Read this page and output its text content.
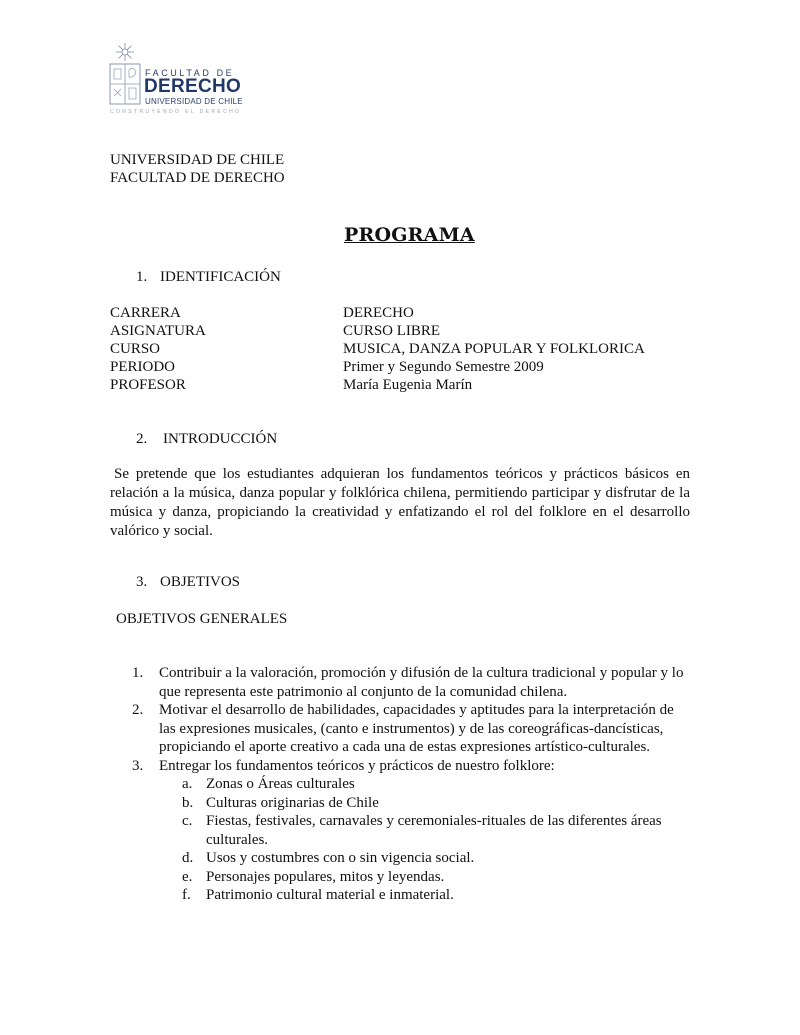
FACULTAD DE
DERECHO
UNIVERSIDAD DE CHILE
CONSTRUYENDO EL DERECHO
UNIVERSIDAD DE CHILE
FACULTAD DE DERECHO
PROGRAMA
1. IDENTIFICACIÓN
CARRERA	DERECHO
ASIGNATURA	CURSO LIBRE
CURSO	MUSICA, DANZA POPULAR Y FOLKLORICA
PERIODO	Primer y Segundo Semestre 2009
PROFESOR	María Eugenia Marín
2. INTRODUCCIÓN
Se pretende que los estudiantes adquieran los fundamentos teóricos y prácticos básicos en relación a la música, danza popular y folklórica chilena, permitiendo participar y disfrutar de la música y danza, propiciando la creatividad y enfatizando el rol del folklore en el desarrollo valórico y social.
3. OBJETIVOS
OBJETIVOS GENERALES
1. Contribuir a la valoración, promoción y difusión de la cultura tradicional y popular y lo que representa este patrimonio al conjunto de la comunidad chilena.
2. Motivar el desarrollo de habilidades, capacidades y aptitudes para la interpretación de las expresiones musicales, (canto e instrumentos) y de las coreográficas-dancísticas, propiciando el aporte creativo a cada una de estas expresiones artístico-culturales.
3. Entregar los fundamentos teóricos y prácticos de nuestro folklore:
a. Zonas o Áreas culturales
b. Culturas originarias de Chile
c. Fiestas, festivales, carnavales y ceremoniales-rituales de las diferentes áreas culturales.
d. Usos y costumbres con o sin vigencia social.
e. Personajes populares, mitos y leyendas.
f. Patrimonio cultural material e inmaterial.
